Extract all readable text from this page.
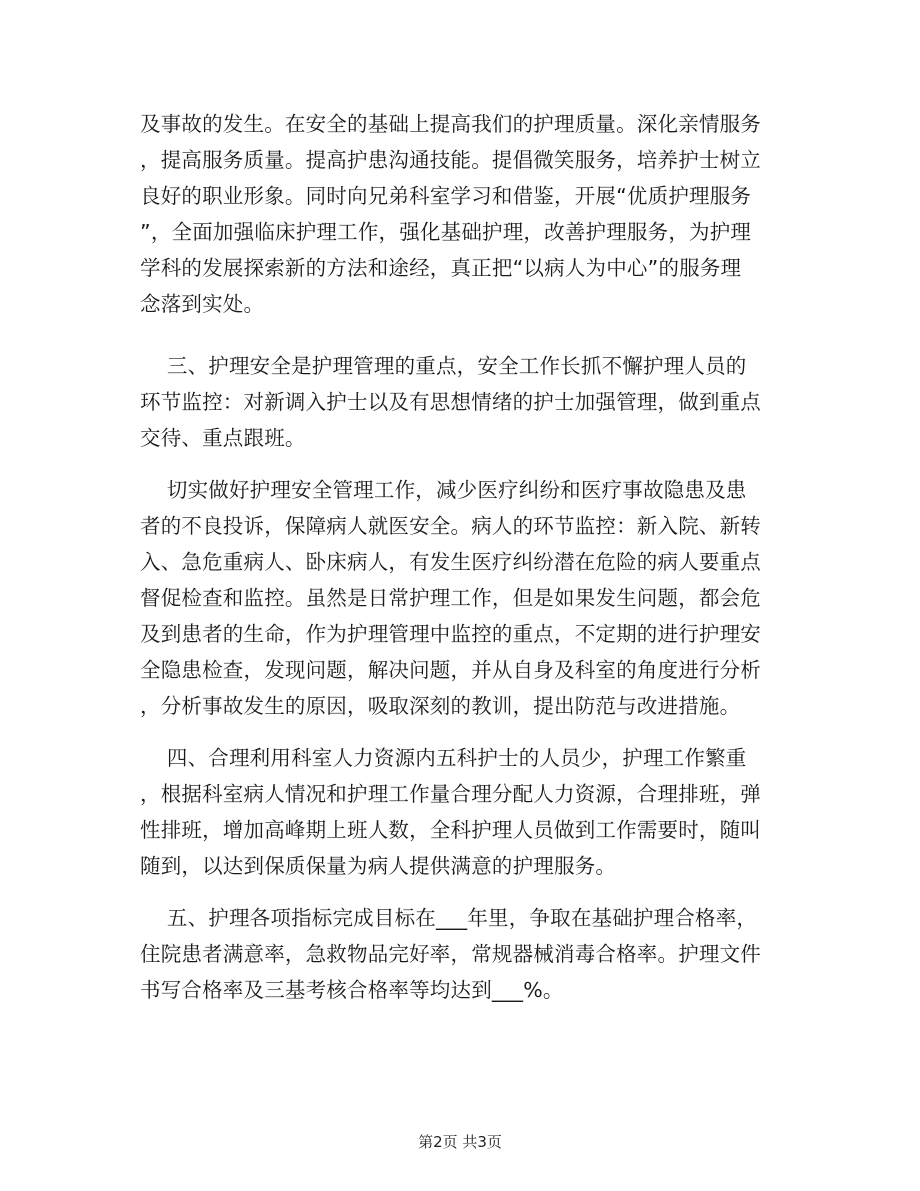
及事故的发生。在安全的基础上提高我们的护理质量。深化亲情服务
，提高服务质量。提高护患沟通技能。提倡微笑服务，培养护士树立
良好的职业形象。同时向兄弟科室学习和借鉴，开展“优质护理服务
”，全面加强临床护理工作，强化基础护理，改善护理服务，为护理
学科的发展探索新的方法和途经，真正把“以病人为中心”的服务理
念落到实处。
三、护理安全是护理管理的重点，安全工作长抓不懈护理人员的
环节监控：对新调入护士以及有思想情绪的护士加强管理，做到重点
交待、重点跟班。
切实做好护理安全管理工作，减少医疗纠纷和医疗事故隐患及患
者的不良投诉，保障病人就医安全。病人的环节监控：新入院、新转
入、急危重病人、卧床病人，有发生医疗纠纷潜在危险的病人要重点
督促检查和监控。虽然是日常护理工作，但是如果发生问题，都会危
及到患者的生命，作为护理管理中监控的重点，不定期的进行护理安
全隐患检查，发现问题，解决问题，并从自身及科室的角度进行分析
，分析事故发生的原因，吸取深刻的教训，提出防范与改进措施。
四、合理利用科室人力资源内五科护士的人员少，护理工作繁重
，根据科室病人情况和护理工作量合理分配人力资源，合理排班，弹
性排班，增加高峰期上班人数，全科护理人员做到工作需要时，随叫
随到，以达到保质保量为病人提供满意的护理服务。
五、护理各项指标完成目标在___年里，争取在基础护理合格率，
住院患者满意率，急救物品完好率，常规器械消毒合格率。护理文件
书写合格率及三基考核合格率等均达到___%。
第2页 共3页
